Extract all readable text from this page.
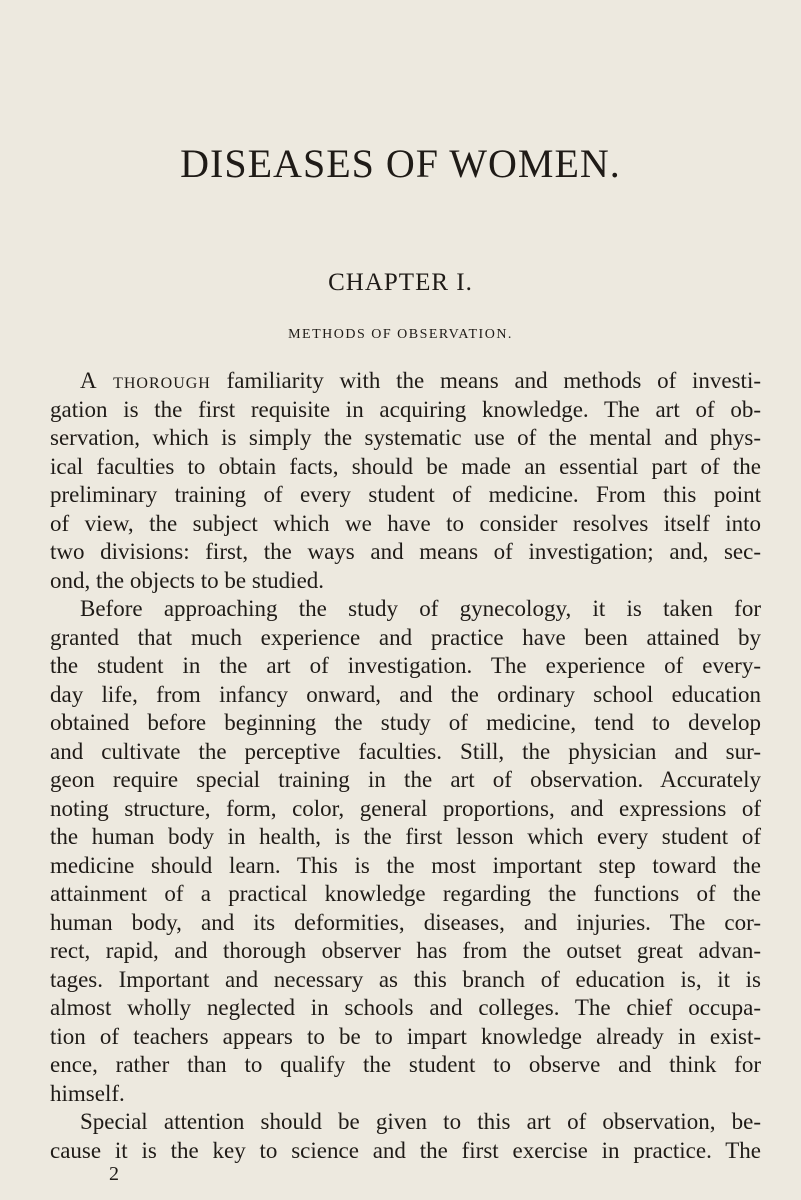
DISEASES OF WOMEN.
CHAPTER I.
METHODS OF OBSERVATION.
A thorough familiarity with the means and methods of investi-
gation is the first requisite in acquiring knowledge. The art of ob-
servation, which is simply the systematic use of the mental and phys-
ical faculties to obtain facts, should be made an essential part of the
preliminary training of every student of medicine. From this point
of view, the subject which we have to consider resolves itself into
two divisions: first, the ways and means of investigation; and, sec-
ond, the objects to be studied.
Before approaching the study of gynecology, it is taken for
granted that much experience and practice have been attained by
the student in the art of investigation. The experience of every-
day life, from infancy onward, and the ordinary school education
obtained before beginning the study of medicine, tend to develop
and cultivate the perceptive faculties. Still, the physician and sur-
geon require special training in the art of observation. Accurately
noting structure, form, color, general proportions, and expressions of
the human body in health, is the first lesson which every student of
medicine should learn. This is the most important step toward the
attainment of a practical knowledge regarding the functions of the
human body, and its deformities, diseases, and injuries. The cor-
rect, rapid, and thorough observer has from the outset great advan-
tages. Important and necessary as this branch of education is, it is
almost wholly neglected in schools and colleges. The chief occupa-
tion of teachers appears to be to impart knowledge already in exist-
ence, rather than to qualify the student to observe and think for
himself.
Special attention should be given to this art of observation, be-
cause it is the key to science and the first exercise in practice. The
2
